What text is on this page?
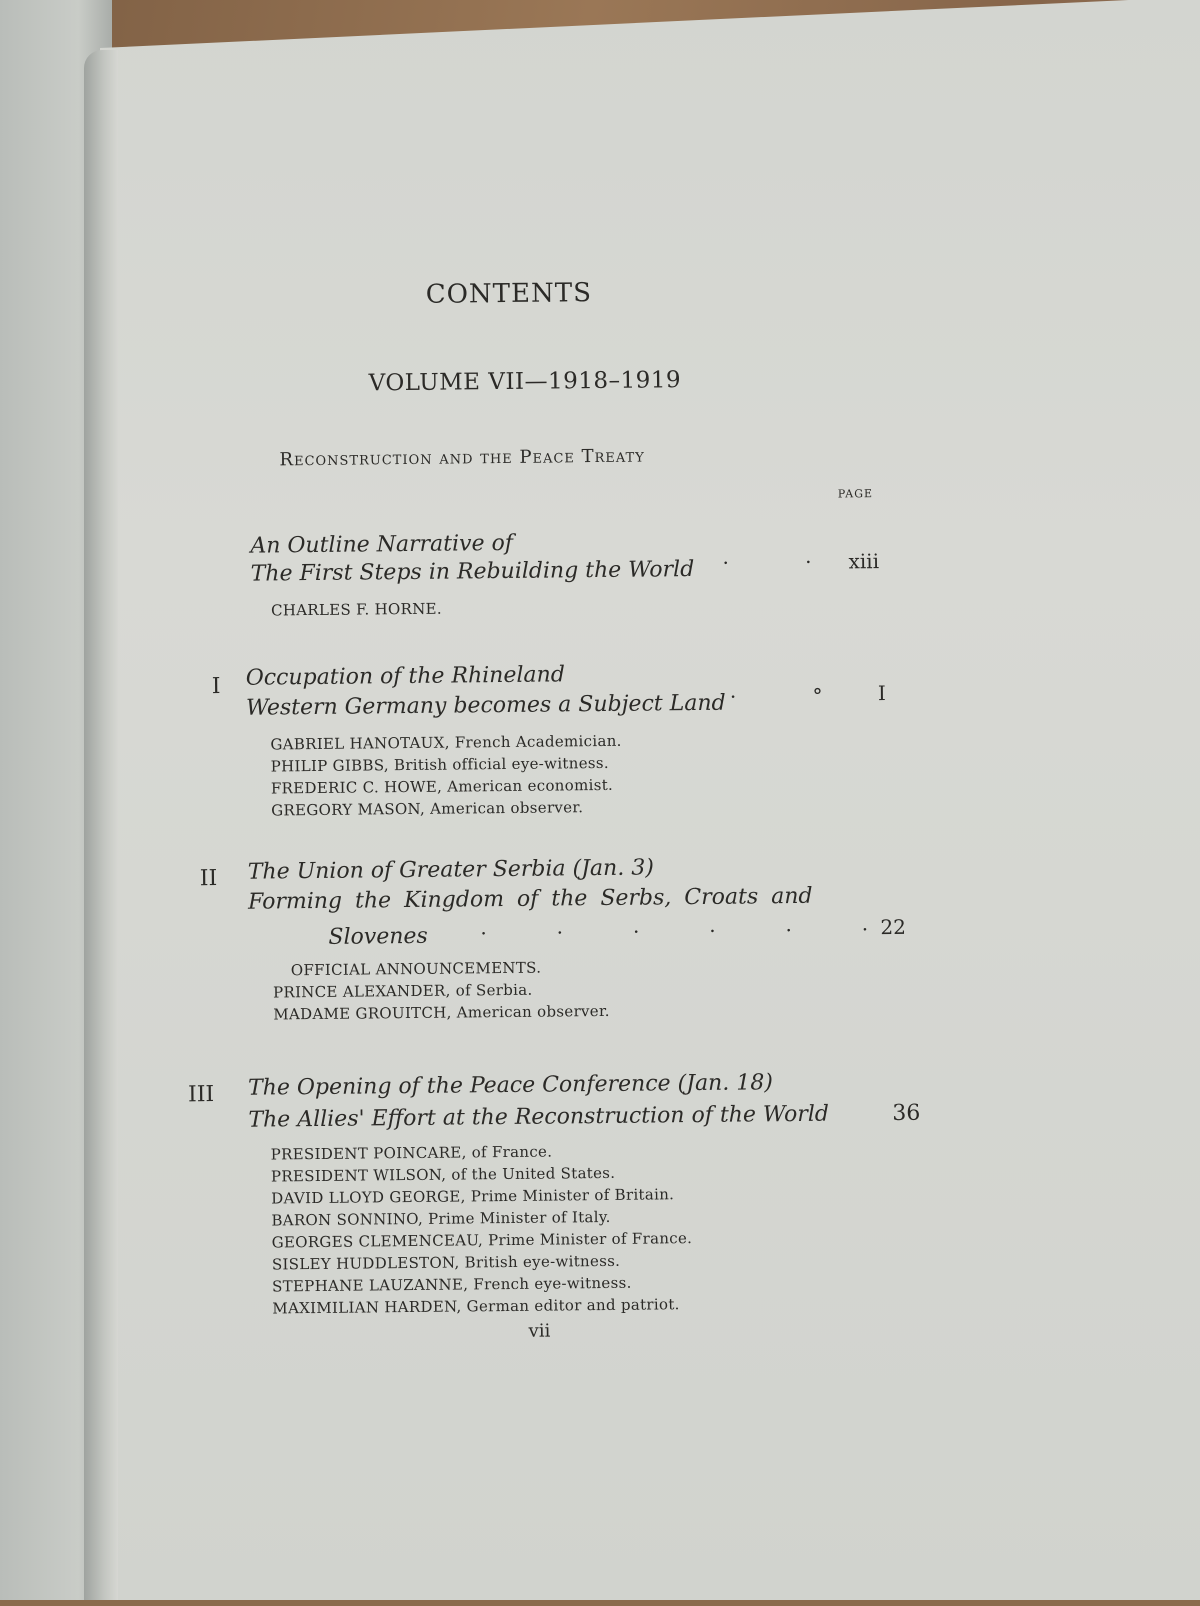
CONTENTS
VOLUME VII—1918–1919
Reconstruction and the Peace Treaty
PAGE
An Outline Narrative of
The First Steps in Rebuilding the World ·            · xiii
CHARLES F. HORNE.
I Occupation of the Rhineland
Western Germany becomes a Subject Land ·            °	I
GABRIEL HANOTAUX, French Academician.
PHILIP GIBBS, British official eye-witness.
FREDERIC C. HOWE, American economist.
GREGORY MASON, American observer.
II The Union of Greater Serbia (Jan. 3)
Forming the Kingdom of the Serbs, Croats and
Slovenes	·           ·           ·           ·           ·           · 22
OFFICIAL ANNOUNCEMENTS.
PRINCE ALEXANDER, of Serbia.
MADAME GROUITCH, American observer.
III The Opening of the Peace Conference (Jan. 18)
The Allies' Effort at the Reconstruction of the World	36
PRESIDENT POINCARE, of France.
PRESIDENT WILSON, of the United States.
DAVID LLOYD GEORGE, Prime Minister of Britain.
BARON SONNINO, Prime Minister of Italy.
GEORGES CLEMENCEAU, Prime Minister of France.
SISLEY HUDDLESTON, British eye-witness.
STEPHANE LAUZANNE, French eye-witness.
MAXIMILIAN HARDEN, German editor and patriot.
vii
